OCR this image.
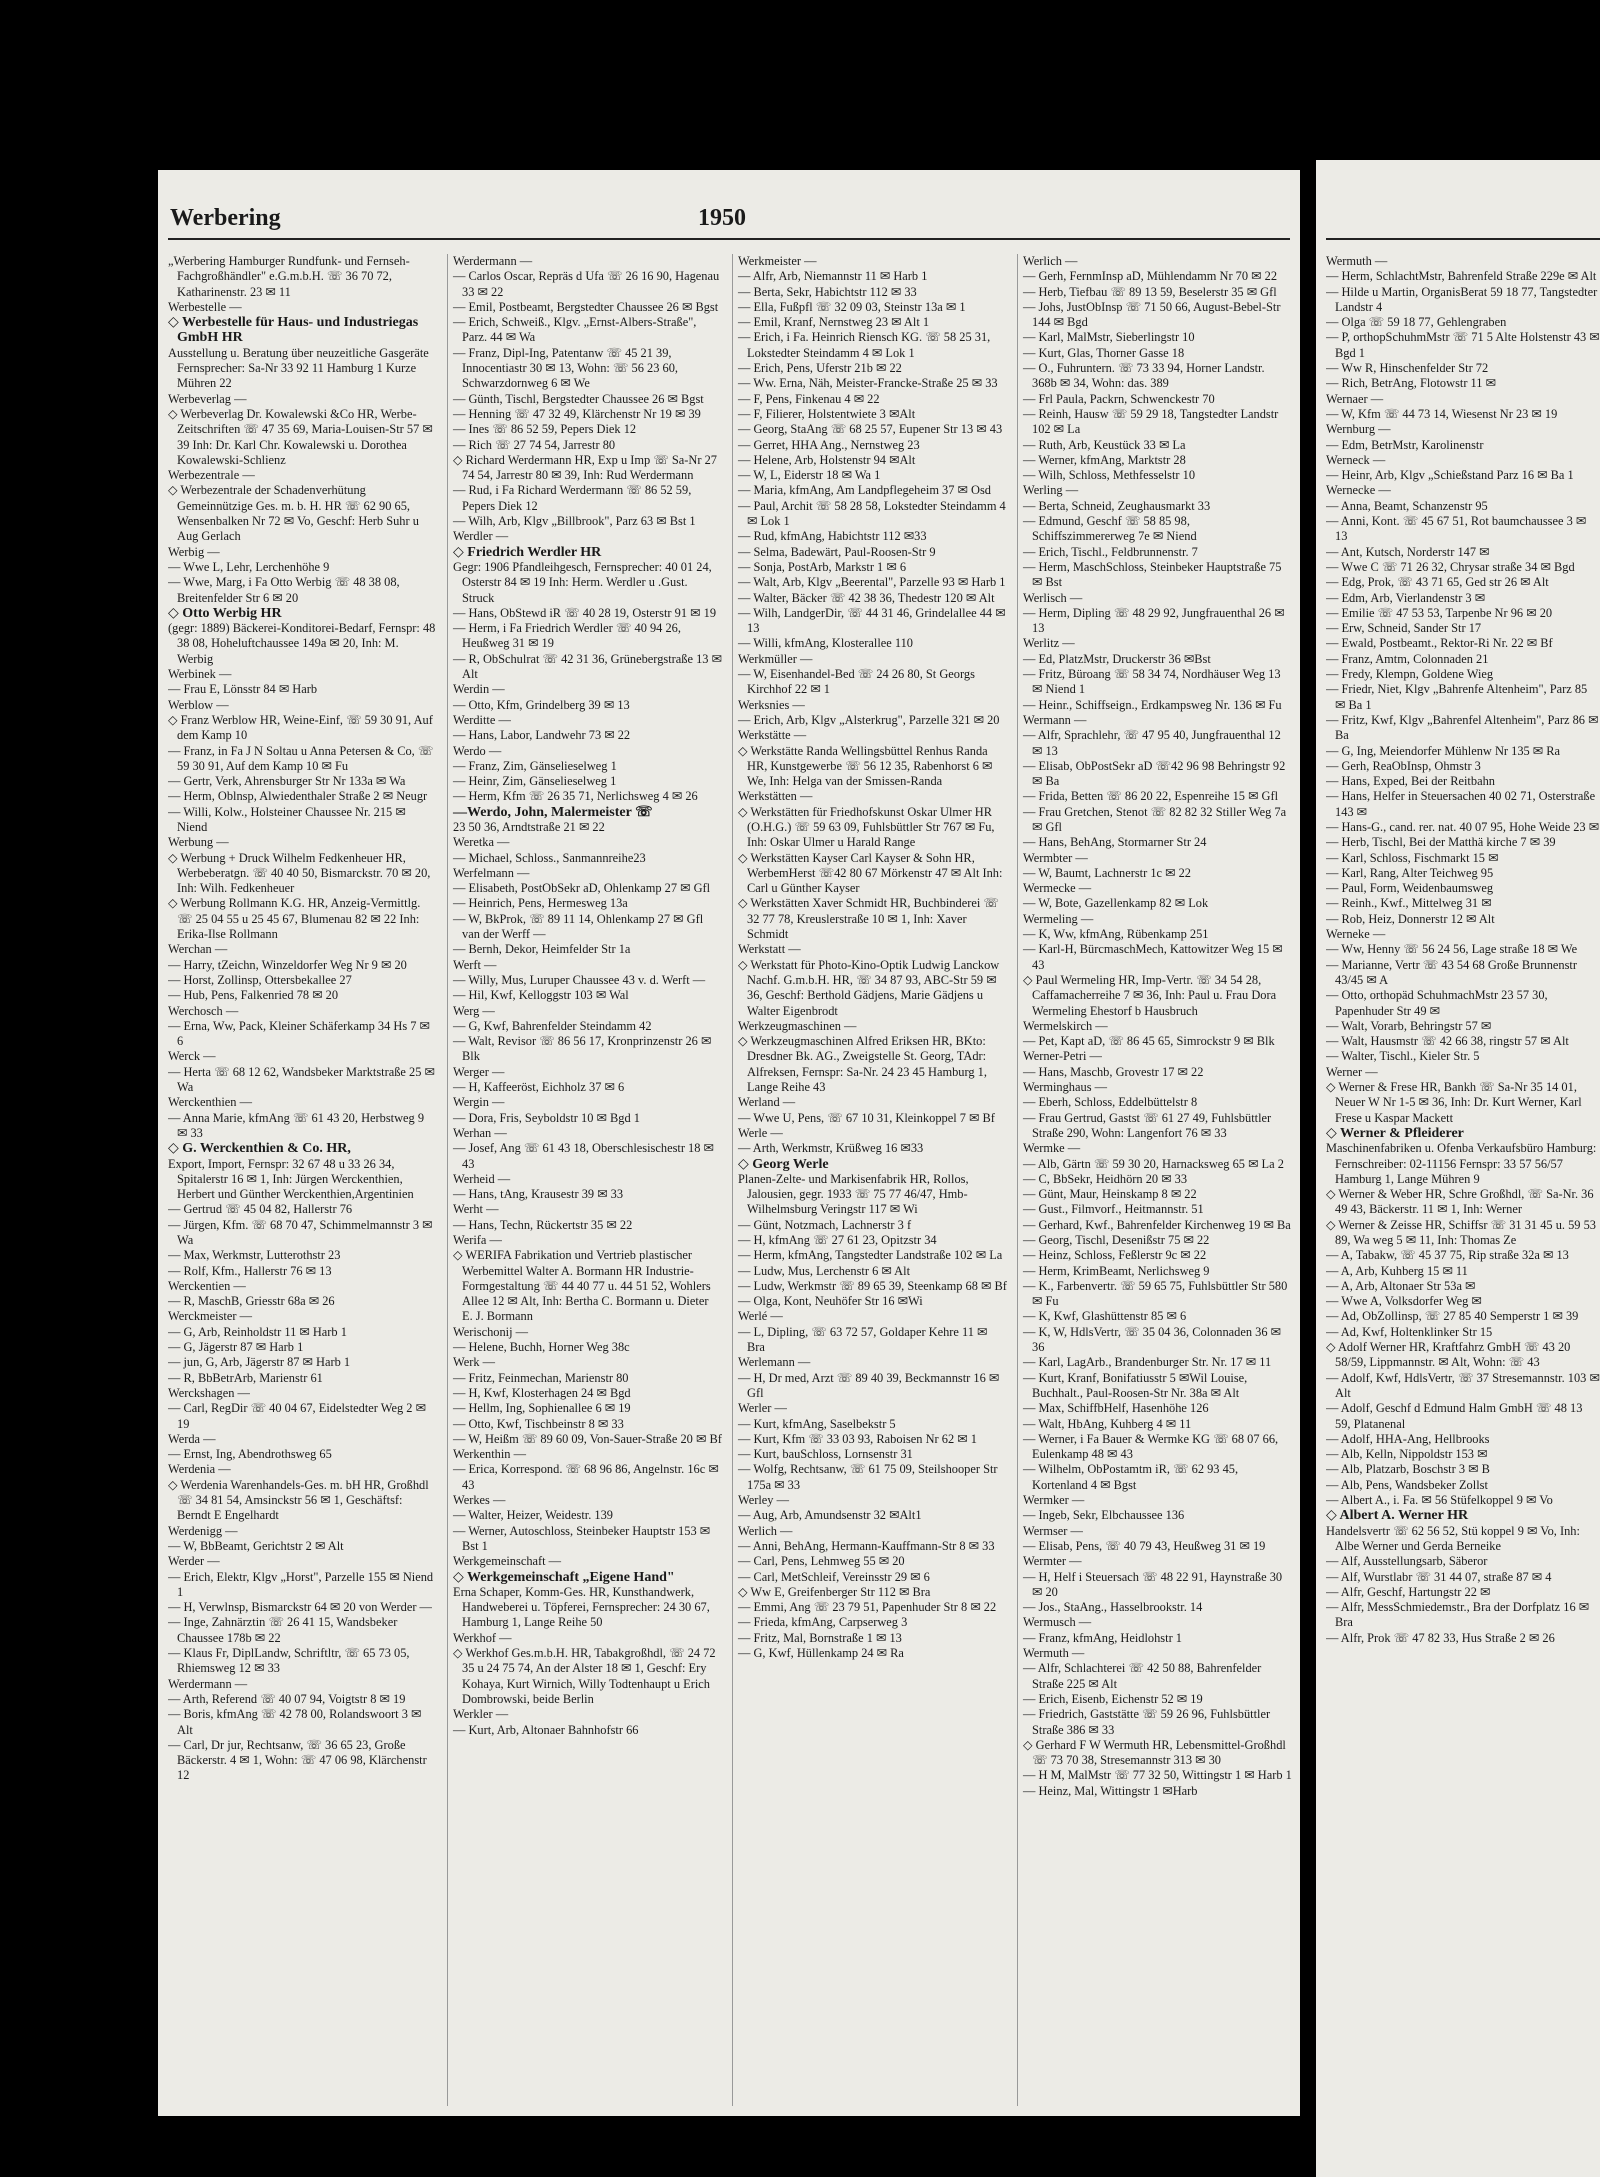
Werbering	1950

„Werbering Hamburger Rundfunk- und Fernseh-Fachgroßhändler" e.G.m.b.H. ☏ 36 70 72, Katharinenstr. 23 ✉ 11

Werbestelle —

◇ Werbestelle für Haus- und Industriegas GmbH HR

Ausstellung u. Beratung über neuzeitliche Gasgeräte Fernsprecher: Sa-Nr 33 92 11 Hamburg 1 Kurze Mühren 22

Werbeverlag —

◇ Werbeverlag Dr. Kowalewski &Co HR, Werbe-Zeitschriften ☏ 47 35 69, Maria-Louisen-Str 57 ✉ 39 Inh: Dr. Karl Chr. Kowalewski u. Dorothea Kowalewski-Schlienz

Werbezentrale —

◇ Werbezentrale der Schadenverhütung Gemeinnützige Ges. m. b. H. HR ☏ 62 90 65, Wensenbalken Nr 72 ✉ Vo, Geschf: Herb Suhr u Aug Gerlach

Werbig —

— Wwe L, Lehr, Lerchenhöhe 9

— Wwe, Marg, i Fa Otto Werbig ☏ 48 38 08, Breitenfelder Str 6 ✉ 20

◇ Otto Werbig HR

(gegr: 1889) Bäckerei-Konditorei-Bedarf, Fernspr: 48 38 08, Hoheluftchaussee 149a ✉ 20, Inh: M. Werbig

Werbinek —

— Frau E, Lönsstr 84 ✉ Harb

Werblow —

◇ Franz Werblow HR, Weine-Einf, ☏ 59 30 91, Auf dem Kamp 10

— Franz, in Fa J N Soltau u Anna Petersen & Co, ☏ 59 30 91, Auf dem Kamp 10 ✉ Fu

— Gertr, Verk, Ahrensburger Str Nr 133a ✉ Wa

— Herm, Oblnsp, Alwiedenthaler Straße 2 ✉ Neugr

— Willi, Kolw., Holsteiner Chaussee Nr. 215 ✉ Niend

Werbung —

◇ Werbung + Druck Wilhelm Fedkenheuer HR, Werbeberatgn. ☏ 40 40 50, Bismarckstr. 70 ✉ 20, Inh: Wilh. Fedkenheuer

◇ Werbung Rollmann K.G. HR, Anzeig-Vermittlg. ☏ 25 04 55 u 25 45 67, Blumenau 82 ✉ 22 Inh: Erika-Ilse Rollmann

Werchan —

— Harry, tZeichn, Winzeldorfer Weg Nr 9 ✉ 20

— Horst, Zollinsp, Ottersbekallee 27

— Hub, Pens, Falkenried 78 ✉ 20

Werchosch —

— Erna, Ww, Pack, Kleiner Schäferkamp 34 Hs 7 ✉ 6

Werck —

— Herta ☏ 68 12 62, Wandsbeker Marktstraße 25 ✉ Wa

Werckenthien —

— Anna Marie, kfmAng ☏ 61 43 20, Herbstweg 9 ✉ 33

◇ G. Werckenthien & Co. HR,

Export, Import, Fernspr: 32 67 48 u 33 26 34, Spitalerstr 16 ✉ 1, Inh: Jürgen Werckenthien, Herbert und Günther Werckenthien,Argentinien

— Gertrud ☏ 45 04 82, Hallerstr 76

— Jürgen, Kfm. ☏ 68 70 47, Schimmelmannstr 3 ✉ Wa

— Max, Werkmstr, Lutterothstr 23

— Rolf, Kfm., Hallerstr 76 ✉ 13

Werckentien —

— R, MaschB, Griesstr 68a ✉ 26

Werckmeister —

— G, Arb, Reinholdstr 11 ✉ Harb 1

— G, Jägerstr 87 ✉ Harb 1

— jun, G, Arb, Jägerstr 87 ✉ Harb 1

— R, BbBetrArb, Marienstr 61

Werckshagen —

— Carl, RegDir ☏ 40 04 67, Eidelstedter Weg 2 ✉ 19

Werda —

— Ernst, Ing, Abendrothsweg 65

Werdenia —

◇ Werdenia Warenhandels-Ges. m. bH HR, Großhdl ☏ 34 81 54, Amsinckstr 56 ✉ 1, Geschäftsf: Berndt E Engelhardt

Werdenigg —

— W, BbBeamt, Gerichtstr 2 ✉ Alt

Werder —

— Erich, Elektr, Klgv „Horst", Parzelle 155 ✉ Niend 1

— H, Verwlnsp, Bismarckstr 64 ✉ 20 von Werder —

— Inge, Zahnärztin ☏ 26 41 15, Wandsbeker Chaussee 178b ✉ 22

— Klaus Fr, DiplLandw, Schriftltr, ☏ 65 73 05, Rhiemsweg 12 ✉ 33

Werdermann —

— Arth, Referend ☏ 40 07 94, Voigtstr 8 ✉ 19

— Boris, kfmAng ☏ 42 78 00, Rolandswoort 3 ✉ Alt

— Carl, Dr jur, Rechtsanw, ☏ 36 65 23, Große Bäckerstr. 4 ✉ 1, Wohn: ☏ 47 06 98, Klärchenstr 12

Werdermann —

— Carlos Oscar, Repräs d Ufa ☏ 26 16 90, Hagenau 33 ✉ 22

— Emil, Postbeamt, Bergstedter Chaussee 26 ✉ Bgst

— Erich, Schweiß., Klgv. „Ernst-Albers-Straße", Parz. 44 ✉ Wa

— Franz, Dipl-Ing, Patentanw ☏ 45 21 39, Innocentiastr 30 ✉ 13, Wohn: ☏ 56 23 60, Schwarzdornweg 6 ✉ We

— Günth, Tischl, Bergstedter Chaussee 26 ✉ Bgst

— Henning ☏ 47 32 49, Klärchenstr Nr 19 ✉ 39

— Ines ☏ 86 52 59, Pepers Diek 12

— Rich ☏ 27 74 54, Jarrestr 80

◇ Richard Werdermann HR, Exp u Imp ☏ Sa-Nr 27 74 54, Jarrestr 80 ✉ 39, Inh: Rud Werdermann

— Rud, i Fa Richard Werdermann ☏ 86 52 59, Pepers Diek 12

— Wilh, Arb, Klgv „Billbrook", Parz 63 ✉ Bst 1

Werdler —

◇ Friedrich Werdler HR

Gegr: 1906 Pfandleihgesch, Fernsprecher: 40 01 24, Osterstr 84 ✉ 19 Inh: Herm. Werdler u .Gust. Struck

— Hans, ObStewd iR ☏ 40 28 19, Osterstr 91 ✉ 19

— Herm, i Fa Friedrich Werdler ☏ 40 94 26, Heußweg 31 ✉ 19

— R, ObSchulrat ☏ 42 31 36, Grünebergstraße 13 ✉ Alt

Werdin —

— Otto, Kfm, Grindelberg 39 ✉ 13

Werditte —

— Hans, Labor, Landwehr 73 ✉ 22

Werdo —

— Franz, Zim, Gänselieselweg 1

— Heinr, Zim, Gänselieselweg 1

— Herm, Kfm ☏ 26 35 71, Nerlichsweg 4 ✉ 26

—Werdo, John, Malermeister ☏

23 50 36, Arndtstraße 21 ✉ 22

Weretka —

— Michael, Schloss., Sanmannreihe23

Werfelmann —

— Elisabeth, PostObSekr aD, Ohlenkamp 27 ✉ Gfl

— Heinrich, Pens, Hermesweg 13a

— W, BkProk, ☏ 89 11 14, Ohlenkamp 27 ✉ Gfl van der Werff —

— Bernh, Dekor, Heimfelder Str 1a

Werft —

— Willy, Mus, Luruper Chaussee 43 v. d. Werft —

— Hil, Kwf, Kelloggstr 103 ✉ Wal

Werg —

— G, Kwf, Bahrenfelder Steindamm 42

— Walt, Revisor ☏ 86 56 17, Kronprinzenstr 26 ✉ Blk

Werger —

— H, Kaffeeröst, Eichholz 37 ✉ 6

Wergin —

— Dora, Fris, Seyboldstr 10 ✉ Bgd 1

Werhan —

— Josef, Ang ☏ 61 43 18, Oberschlesischestr 18 ✉ 43

Werheid —

— Hans, tAng, Krausestr 39 ✉ 33

Werht —

— Hans, Techn, Rückertstr 35 ✉ 22

Werifa —

◇ WERIFA Fabrikation und Vertrieb plastischer Werbemittel Walter A. Bormann HR Industrie-Formgestaltung ☏ 44 40 77 u. 44 51 52, Wohlers Allee 12 ✉ Alt, Inh: Bertha C. Bormann u. Dieter E. J. Bormann

Werischonij —

— Helene, Buchh, Horner Weg 38c

Werk —

— Fritz, Feinmechan, Marienstr 80

— H, Kwf, Klosterhagen 24 ✉ Bgd

— Hellm, Ing, Sophienallee 6 ✉ 19

— Otto, Kwf, Tischbeinstr 8 ✉ 33

— W, Heißm ☏ 89 60 09, Von-Sauer-Straße 20 ✉ Bf

Werkenthin —

— Erica, Korrespond. ☏ 68 96 86, Angelnstr. 16c ✉ 43

Werkes —

— Walter, Heizer, Weidestr. 139

— Werner, Autoschloss, Steinbeker Hauptstr 153 ✉ Bst 1

Werkgemeinschaft —

◇ Werkgemeinschaft „Eigene Hand"

Erna Schaper, Komm-Ges. HR, Kunsthandwerk, Handweberei u. Töpferei, Fernsprecher: 24 30 67, Hamburg 1, Lange Reihe 50

Werkhof —

◇ Werkhof Ges.m.b.H. HR, Tabakgroßhdl, ☏ 24 72 35 u 24 75 74, An der Alster 18 ✉ 1, Geschf: Ery Kohaya, Kurt Wirnich, Willy Todtenhaupt u Erich Dombrowski, beide Berlin

Werkler —

— Kurt, Arb, Altonaer Bahnhofstr 66

Werkmeister —

— Alfr, Arb, Niemannstr 11 ✉ Harb 1

— Berta, Sekr, Habichtstr 112 ✉ 33

— Ella, Fußpfl ☏ 32 09 03, Steinstr 13a ✉ 1

— Emil, Kranf, Nernstweg 23 ✉ Alt 1

— Erich, i Fa. Heinrich Riensch KG. ☏ 58 25 31, Lokstedter Steindamm 4 ✉ Lok 1

— Erich, Pens, Uferstr 21b ✉ 22

— Ww. Erna, Näh, Meister-Francke-Straße 25 ✉ 33

— F, Pens, Finkenau 4 ✉ 22

— F, Filierer, Holstentwiete 3 ✉Alt

— Georg, StaAng ☏ 68 25 57, Eupener Str 13 ✉ 43

— Gerret, HHA Ang., Nernstweg 23

— Helene, Arb, Holstenstr 94 ✉Alt

— W, L, Eiderstr 18 ✉ Wa 1

— Maria, kfmAng, Am Landpflegeheim 37 ✉ Osd

— Paul, Archit ☏ 58 28 58, Lokstedter Steindamm 4 ✉ Lok 1

— Rud, kfmAng, Habichtstr 112 ✉33

— Selma, Badewärt, Paul-Roosen-Str 9

— Sonja, PostArb, Markstr 1 ✉ 6

— Walt, Arb, Klgv „Beerental", Parzelle 93 ✉ Harb 1

— Walter, Bäcker ☏ 42 38 36, Thedestr 120 ✉ Alt

— Wilh, LandgerDir, ☏ 44 31 46, Grindelallee 44 ✉ 13

— Willi, kfmAng, Klosterallee 110

Werkmüller —

— W, Eisenhandel-Bed ☏ 24 26 80, St Georgs Kirchhof 22 ✉ 1

Werksnies —

— Erich, Arb, Klgv „Alsterkrug", Parzelle 321 ✉ 20

Werkstätte —

◇ Werkstätte Randa Wellingsbüttel Renhus Randa HR, Kunstgewerbe ☏ 56 12 35, Rabenhorst 6 ✉ We, Inh: Helga van der Smissen-Randa

Werkstätten —

◇ Werkstätten für Friedhofskunst Oskar Ulmer HR (O.H.G.) ☏ 59 63 09, Fuhlsbüttler Str 767 ✉ Fu, Inh: Oskar Ulmer u Harald Range

◇ Werkstätten Kayser Carl Kayser & Sohn HR, WerbemHerst ☏42 80 67 Mörkenstr 47 ✉ Alt Inh: Carl u Günther Kayser

◇ Werkstätten Xaver Schmidt HR, Buchbinderei ☏ 32 77 78, Kreuslerstraße 10 ✉ 1, Inh: Xaver Schmidt

Werkstatt —

◇ Werkstatt für Photo-Kino-Optik Ludwig Lanckow Nachf. G.m.b.H. HR, ☏ 34 87 93, ABC-Str 59 ✉ 36, Geschf: Berthold Gädjens, Marie Gädjens u Walter Eigenbrodt

Werkzeugmaschinen —

◇ Werkzeugmaschinen Alfred Eriksen HR, BKto: Dresdner Bk. AG., Zweigstelle St. Georg, TAdr: Alfreksen, Fernspr: Sa-Nr. 24 23 45 Hamburg 1, Lange Reihe 43

Werland —

— Wwe U, Pens, ☏ 67 10 31, Kleinkoppel 7 ✉ Bf

Werle —

— Arth, Werkmstr, Krüßweg 16 ✉33

◇ Georg Werle

Planen-Zelte- und Markisenfabrik HR, Rollos, Jalousien, gegr. 1933 ☏ 75 77 46/47, Hmb-Wilhelmsburg Veringstr 117 ✉ Wi

— Günt, Notzmach, Lachnerstr 3 f

— H, kfmAng ☏ 27 61 23, Opitzstr 34

— Herm, kfmAng, Tangstedter Landstraße 102 ✉ La

— Ludw, Mus, Lerchenstr 6 ✉ Alt

— Ludw, Werkmstr ☏ 89 65 39, Steenkamp 68 ✉ Bf

— Olga, Kont, Neuhöfer Str 16 ✉Wi

Werlé —

— L, Dipling, ☏ 63 72 57, Goldaper Kehre 11 ✉ Bra

Werlemann —

— H, Dr med, Arzt ☏ 89 40 39, Beckmannstr 16 ✉ Gfl

Werler —

— Kurt, kfmAng, Saselbekstr 5

— Kurt, Kfm ☏ 33 03 93, Raboisen Nr 62 ✉ 1

— Kurt, bauSchloss, Lornsenstr 31

— Wolfg, Rechtsanw, ☏ 61 75 09, Steilshooper Str 175a ✉ 33

Werley —

— Aug, Arb, Amundsenstr 32 ✉Alt1

Werlich —

— Anni, BehAng, Hermann-Kauffmann-Str 8 ✉ 33

— Carl, Pens, Lehmweg 55 ✉ 20

— Carl, MetSchleif, Vereinsstr 29 ✉ 6

◇ Ww E, Greifenberger Str 112 ✉ Bra

— Emmi, Ang ☏ 23 79 51, Papenhuder Str 8 ✉ 22

— Frieda, kfmAng, Carpserweg 3

— Fritz, Mal, Bornstraße 1 ✉ 13

— G, Kwf, Hüllenkamp 24 ✉ Ra

Werlich —

— Gerh, FernmInsp aD, Mühlendamm Nr 70 ✉ 22

— Herb, Tiefbau ☏ 89 13 59, Beselerstr 35 ✉ Gfl

— Johs, JustObInsp ☏ 71 50 66, August-Bebel-Str 144 ✉ Bgd

— Karl, MalMstr, Sieberlingstr 10

— Kurt, Glas, Thorner Gasse 18

— O., Fuhruntern. ☏ 73 33 94, Horner Landstr. 368b ✉ 34, Wohn: das. 389

— Frl Paula, Packrn, Schwenckestr 70

— Reinh, Hausw ☏ 59 29 18, Tangstedter Landstr 102 ✉ La

— Ruth, Arb, Keustück 33 ✉ La

— Werner, kfmAng, Marktstr 28

— Wilh, Schloss, Methfesselstr 10

Werling —

— Berta, Schneid, Zeughausmarkt 33

— Edmund, Geschf ☏ 58 85 98, Schiffszimmererweg 7e ✉ Niend

— Erich, Tischl., Feldbrunnenstr. 7

— Herm, MaschSchloss, Steinbeker Hauptstraße 75 ✉ Bst

Werlisch —

— Herm, Dipling ☏ 48 29 92, Jungfrauenthal 26 ✉13

Werlitz —

— Ed, PlatzMstr, Druckerstr 36 ✉Bst

— Fritz, Büroang ☏ 58 34 74, Nordhäuser Weg 13 ✉ Niend 1

— Heinr., Schiffseign., Erdkampsweg Nr. 136 ✉ Fu

Wermann —

— Alfr, Sprachlehr, ☏ 47 95 40, Jungfrauenthal 12 ✉ 13

— Elisab, ObPostSekr aD ☏42 96 98 Behringstr 92 ✉ Ba

— Frida, Betten ☏ 86 20 22, Espenreihe 15 ✉ Gfl

— Frau Gretchen, Stenot ☏ 82 82 32 Stiller Weg 7a ✉ Gfl

— Hans, BehAng, Stormarner Str 24

Wermbter —

— W, Baumt, Lachnerstr 1c ✉ 22

Wermecke —

— W, Bote, Gazellenkamp 82 ✉ Lok

Wermeling —

— K, Ww, kfmAng, Rübenkamp 251

— Karl-H, BürcmaschMech, Kattowitzer Weg 15 ✉43

◇ Paul Wermeling HR, Imp-Vertr. ☏ 34 54 28, Caffamacherreihe 7 ✉ 36, Inh: Paul u. Frau Dora Wermeling Ehestorf b Hausbruch

Wermelskirch —

— Pet, Kapt aD, ☏ 86 45 65, Simrockstr 9 ✉ Blk

Werner-Petri —

— Hans, Maschb, Grovestr 17 ✉ 22

Werminghaus —

— Eberh, Schloss, Eddelbüttelstr 8

— Frau Gertrud, Gastst ☏ 61 27 49, Fuhlsbüttler Straße 290, Wohn: Langenfort 76 ✉ 33

Wermke —

— Alb, Gärtn ☏ 59 30 20, Harnacksweg 65 ✉ La 2

— C, BbSekr, Heidhörn 20 ✉ 33

— Günt, Maur, Heinskamp 8 ✉ 22

— Gust., Filmvorf., Heitmannstr. 51

— Gerhard, Kwf., Bahrenfelder Kirchenweg 19 ✉ Ba

— Georg, Tischl, Desenißstr 75 ✉ 22

— Heinz, Schloss, Feßlerstr 9c ✉ 22

— Herm, KrimBeamt, Nerlichsweg 9

— K., Farbenvertr. ☏ 59 65 75, Fuhlsbüttler Str 580 ✉ Fu

— K, Kwf, Glashüttenstr 85 ✉ 6

— K, W, HdlsVertr, ☏ 35 04 36, Colonnaden 36 ✉ 36

— Karl, LagArb., Brandenburger Str. Nr. 17 ✉ 11

— Kurt, Kranf, Bonifatiusstr 5 ✉Wil Louise, Buchhalt., Paul-Roosen-Str Nr. 38a ✉ Alt

— Max, SchiffbHelf, Hasenhöhe 126

— Walt, HbAng, Kuhberg 4 ✉ 11

— Werner, i Fa Bauer & Wermke KG ☏ 68 07 66, Eulenkamp 48 ✉ 43

— Wilhelm, ObPostamtm iR, ☏ 62 93 45, Kortenland 4 ✉ Bgst

Wermker —

— Ingeb, Sekr, Elbchaussee 136

Wermser —

— Elisab, Pens, ☏ 40 79 43, Heußweg 31 ✉ 19

Wermter —

— H, Helf i Steuersach ☏ 48 22 91, Haynstraße 30 ✉ 20

— Jos., StaAng., Hasselbrookstr. 14

Wermusch —

— Franz, kfmAng, Heidlohstr 1

Wermuth —

— Alfr, Schlachterei ☏ 42 50 88, Bahrenfelder Straße 225 ✉ Alt

— Erich, Eisenb, Eichenstr 52 ✉ 19

— Friedrich, Gaststätte ☏ 59 26 96, Fuhlsbüttler Straße 386 ✉ 33

◇ Gerhard F W Wermuth HR, Lebensmittel-Großhdl ☏ 73 70 38, Stresemannstr 313 ✉ 30

— H M, MalMstr ☏ 77 32 50, Wittingstr 1 ✉ Harb 1

— Heinz, Mal, Wittingstr 1 ✉Harb

Wermuth —

— Herm, SchlachtMstr, Bahrenfeld Straße 229e ✉ Alt

— Hilde u Martin, OrganisBerat 59 18 77, Tangstedter Landstr 4

— Olga ☏ 59 18 77, Gehlengraben

— P, orthopSchuhmMstr ☏ 71 5 Alte Holstenstr 43 ✉ Bgd 1

— Ww R, Hinschenfelder Str 72

— Rich, BetrAng, Flotowstr 11 ✉

Wernaer —

— W, Kfm ☏ 44 73 14, Wiesenst Nr 23 ✉ 19

Wernburg —

— Edm, BetrMstr, Karolinenstr

Werneck —

— Heinr, Arb, Klgv „Schießstand Parz 16 ✉ Ba 1

Wernecke —

— Anna, Beamt, Schanzenstr 95

— Anni, Kont. ☏ 45 67 51, Rot baumchaussee 3 ✉ 13

— Ant, Kutsch, Norderstr 147 ✉

— Wwe C ☏ 71 26 32, Chrysar straße 34 ✉ Bgd

— Edg, Prok, ☏ 43 71 65, Ged str 26 ✉ Alt

— Edm, Arb, Vierlandenstr 3 ✉

— Emilie ☏ 47 53 53, Tarpenbe Nr 96 ✉ 20

— Erw, Schneid, Sander Str 17

— Ewald, Postbeamt., Rektor-Ri Nr. 22 ✉ Bf

— Franz, Amtm, Colonnaden 21

— Fredy, Klempn, Goldene Wieg

— Friedr, Niet, Klgv „Bahrenfe Altenheim", Parz 85 ✉ Ba 1

— Fritz, Kwf, Klgv „Bahrenfel Altenheim", Parz 86 ✉ Ba

— G, Ing, Meiendorfer Mühlenw Nr 135 ✉ Ra

— Gerh, ReaObInsp, Ohmstr 3

— Hans, Exped, Bei der Reitbahn

— Hans, Helfer in Steuersachen 40 02 71, Osterstraße 143 ✉

— Hans-G., cand. rer. nat. 40 07 95, Hohe Weide 23 ✉

— Herb, Tischl, Bei der Matthä kirche 7 ✉ 39

— Karl, Schloss, Fischmarkt 15 ✉

— Karl, Rang, Alter Teichweg 95

— Paul, Form, Weidenbaumsweg

— Reinh., Kwf., Mittelweg 31 ✉

— Rob, Heiz, Donnerstr 12 ✉ Alt

Werneke —

— Ww, Henny ☏ 56 24 56, Lage straße 18 ✉ We

— Marianne, Vertr ☏ 43 54 68 Große Brunnenstr 43/45 ✉ A

— Otto, orthopäd SchuhmachMstr 23 57 30, Papenhuder Str 49 ✉

— Walt, Vorarb, Behringstr 57 ✉

— Walt, Hausmstr ☏ 42 66 38, ringstr 57 ✉ Alt

— Walter, Tischl., Kieler Str. 5

Werner —

◇ Werner & Frese HR, Bankh ☏ Sa-Nr 35 14 01, Neuer W Nr 1-5 ✉ 36, Inh: Dr. Kurt Werner, Karl Frese u Kaspar Mackett

◇ Werner & Pfleiderer

Maschinenfabriken u. Ofenba Verkaufsbüro Hamburg: Fernschreiber: 02-11156 Fernspr: 33 57 56/57 Hamburg 1, Lange Mühren 9

◇ Werner & Weber HR, Schre Großhdl, ☏ Sa-Nr. 36 49 43, Bäckerstr. 11 ✉ 1, Inh: Werner

◇ Werner & Zeisse HR, Schiffsr ☏ 31 31 45 u. 59 53 89, Wa weg 5 ✉ 11, Inh: Thomas Ze

— A, Tabakw, ☏ 45 37 75, Rip straße 32a ✉ 13

— A, Arb, Kuhberg 15 ✉ 11

— A, Arb, Altonaer Str 53a ✉

— Wwe A, Volksdorfer Weg ✉

— Ad, ObZollinsp, ☏ 27 85 40 Semperstr 1 ✉ 39

— Ad, Kwf, Holtenklinker Str 15

◇ Adolf Werner HR, Kraftfahrz GmbH ☏ 43 20 58/59, Lippmannstr. ✉ Alt, Wohn: ☏ 43

— Adolf, Kwf, HdlsVertr, ☏ 37 Stresemannstr. 103 ✉ Alt

— Adolf, Geschf d Edmund Halm GmbH ☏ 48 13 59, Platanenal

— Adolf, HHA-Ang, Hellbrooks

— Alb, Kelln, Nippoldstr 153 ✉

— Alb, Platzarb, Boschstr 3 ✉ B

— Alb, Pens, Wandsbeker Zollst

— Albert A., i. Fa. ✉ 56 Stüfelkoppel 9 ✉ Vo

◇ Albert A. Werner HR

Handelsvertr ☏ 62 56 52, Stü koppel 9 ✉ Vo, Inh: Albe Werner und Gerda Berneike

— Alf, Ausstellungsarb, Säberor

— Alf, Wurstlabr ☏ 31 44 07, straße 87 ✉ 4

— Alfr, Geschf, Hartungstr 22 ✉

— Alfr, MessSchmiedemstr., Bra der Dorfplatz 16 ✉ Bra

— Alfr, Prok ☏ 47 82 33, Hus Straße 2 ✉ 26
